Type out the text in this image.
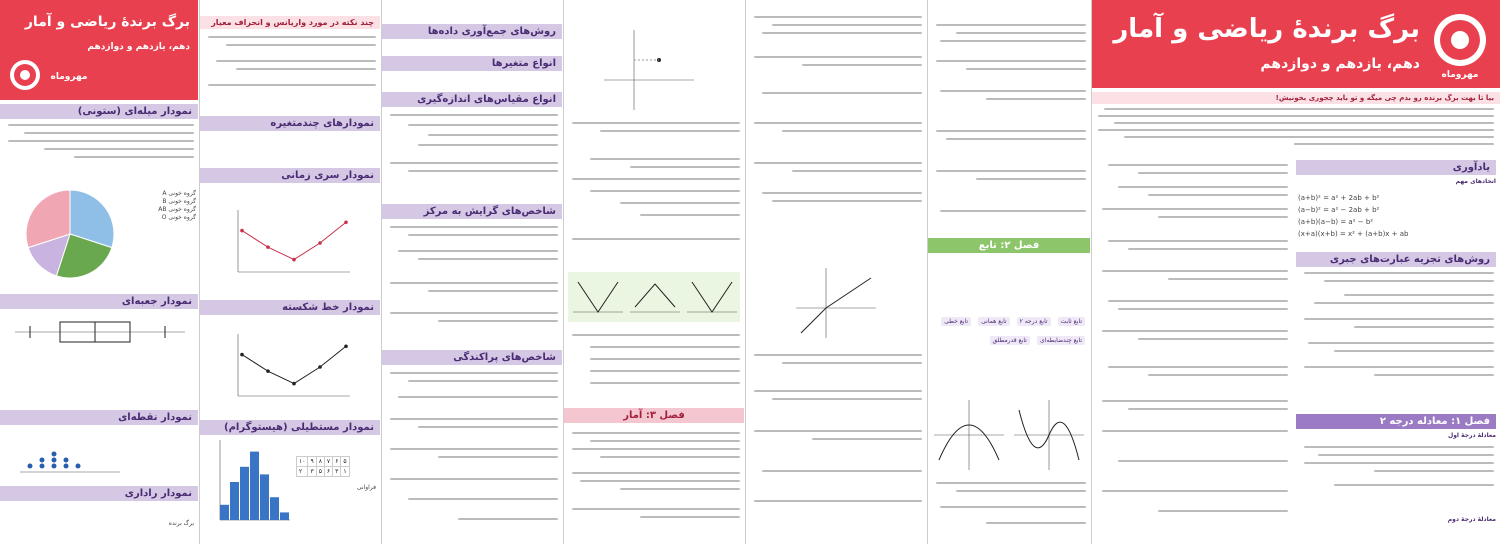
مهروماه
برگ برندهٔ ریاضی و آمار
دهم، یازدهم و دوازدهم
بیا تا بهت برگ برنده رو بدم چی میگه و تو باید چجوری بخونیش!
یادآوری
اتحادهای مهم
(a+b)² = a² + 2ab + b²
(a−b)² = a² − 2ab + b²
(a+b)(a−b) = a² − b²
(x+a)(x+b) = x² + (a+b)x + ab
روش‌های تجزیه عبارت‌های جبری
فصل ۱: معادله درجه ۲
معادلهٔ درجهٔ اول
معادلهٔ درجهٔ دوم
فصل ۲: تابع
تابع ثابت تابع درجه ۲ تابع همانی تابع خطی تابع چندضابطه‌ای تابع قدرمطلق
فصل ۳: آمار
روش‌های جمع‌آوری داده‌ها
انواع متغیرها
انواع مقیاس‌های اندازه‌گیری
شاخص‌های گرایش به مرکز
شاخص‌های پراکندگی
چند نکته در مورد واریانس و انحراف معیار
نمودارهای چندمتغیره
نمودار سری زمانی
نمودار خط شکسته
نمودار مستطیلی (هیستوگرام)
۱۰	۹	۸	۷	۶	۵
۲	۳	۵	۶	۳	۱
فراوانی
برگ برندهٔ ریاضی و آمار
دهم، یازدهم و دوازدهم
مهروماه
نمودار میله‌ای (ستونی)
گروه خونی A
گروه خونی B
گروه خونی AB
گروه خونی O
نمودار جعبه‌ای
نمودار نقطه‌ای
نمودار راداری
برگ برنده
